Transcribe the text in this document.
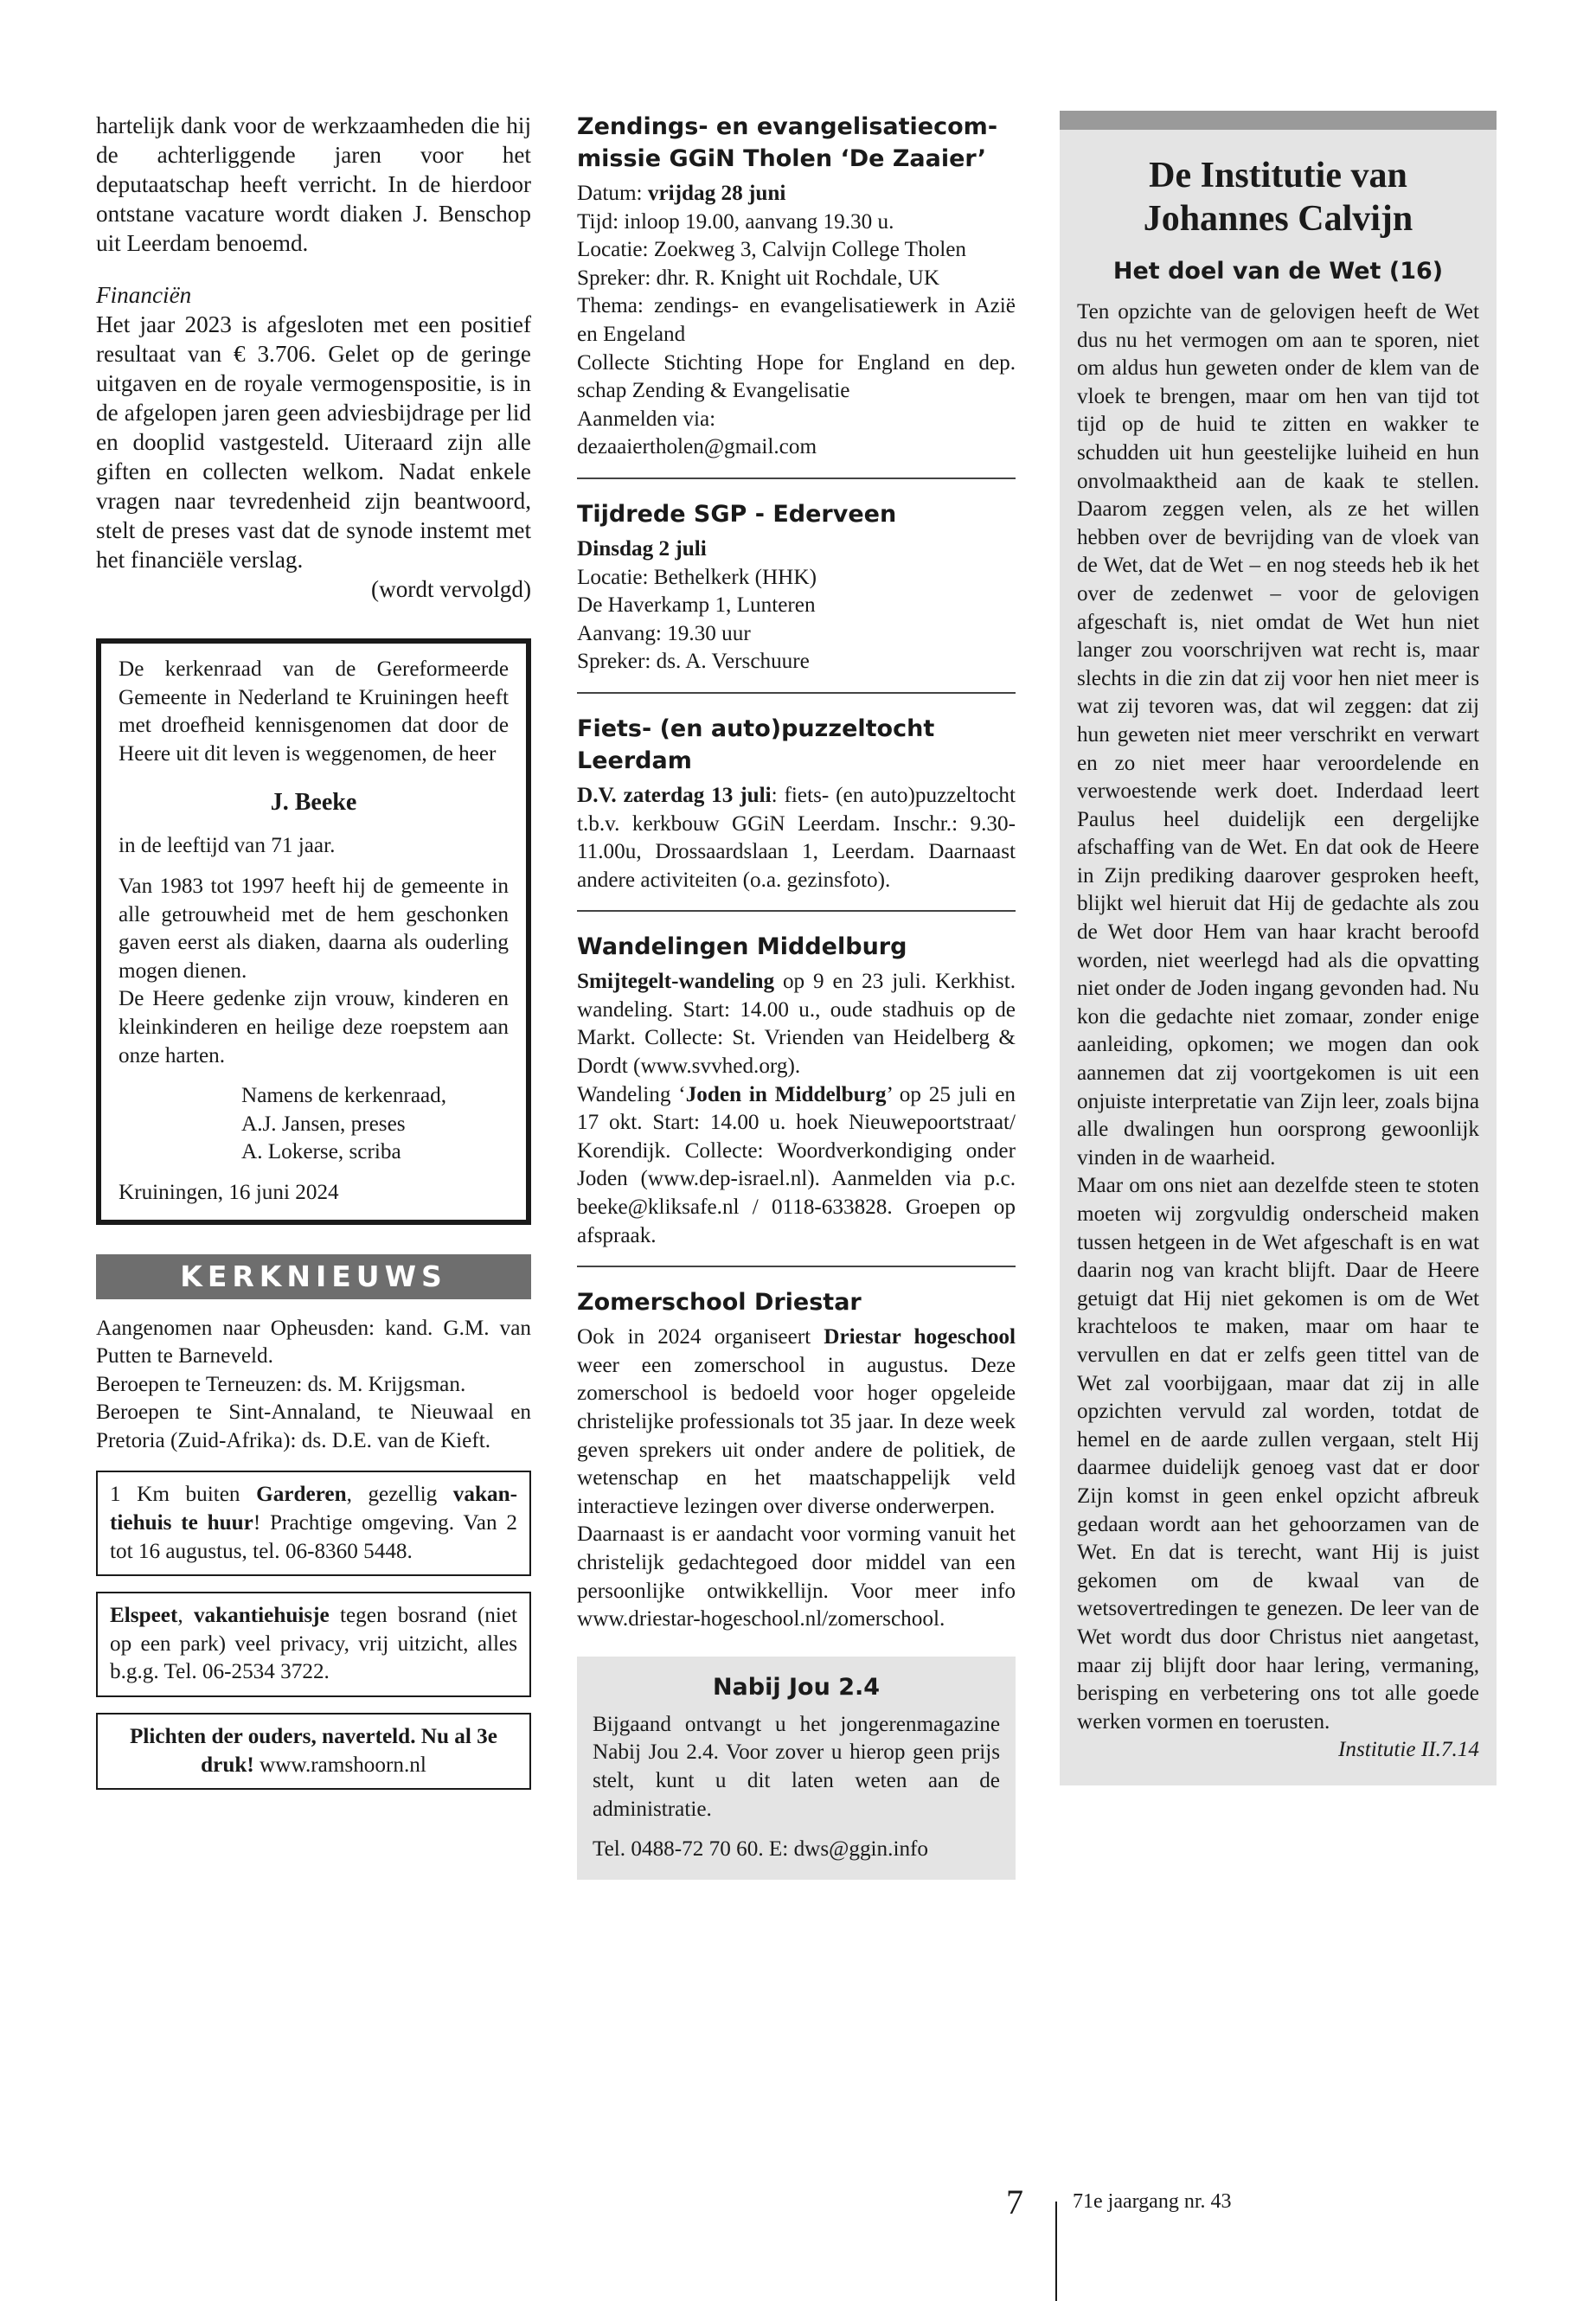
hartelijk dank voor de werkzaamheden die hij de achterliggende jaren voor het deputaatschap heeft verricht. In de hierdoor ontstane vacature wordt diaken J. Benschop uit Leerdam benoemd.

Financiën

Het jaar 2023 is afgesloten met een positief resultaat van € 3.706. Gelet op de geringe uitgaven en de royale vermogenspositie, is in de afgelopen jaren geen adviesbijdrage per lid en dooplid vastgesteld. Uiteraard zijn alle giften en collecten welkom. Nadat enkele vragen naar tevredenheid zijn beantwoord, stelt de preses vast dat de synode instemt met het financiële verslag.

(wordt vervolgd)

De kerkenraad van de Gereformeerde Gemeente in Nederland te Kruiningen heeft met droefheid kennisgenomen dat door de Heere uit dit leven is weggenomen, de heer

J. Beeke

in de leeftijd van 71 jaar.

Van 1983 tot 1997 heeft hij de gemeente in alle getrouwheid met de hem geschonken gaven eerst als diaken, daarna als ouderling mogen dienen.

De Heere gedenke zijn vrouw, kinderen en kleinkinderen en heilige deze roepstem aan onze harten.

Namens de kerkenraad,

A.J. Jansen, preses

A. Lokerse, scriba

Kruiningen, 16 juni 2024

KERKNIEUWS

Aangenomen naar Opheusden: kand. G.M. van Putten te Barneveld.

Beroepen te Terneuzen: ds. M. Krijgsman.

Beroepen te Sint-Annaland, te Nieuwaal en Pretoria (Zuid-Afrika): ds. D.E. van de Kieft.

1 Km buiten Garderen, gezellig vakantiehuis te huur! Prachtige omgeving. Van 2 tot 16 augustus, tel. 06-8360 5448.

Elspeet, vakantiehuisje tegen bosrand (niet op een park) veel privacy, vrij uitzicht, alles b.g.g. Tel. 06-2534 3722.

Plichten der ouders, naverteld. Nu al 3e druk! www.ramshoorn.nl

Zendings- en evangelisatiecommissie GGiN Tholen ‘De Zaaier’

Datum: vrijdag 28 juni

Tijd: inloop 19.00, aanvang 19.30 u.

Locatie: Zoekweg 3, Calvijn College Tholen

Spreker: dhr. R. Knight uit Rochdale, UK

Thema: zendings- en evangelisatiewerk in Azië en Engeland

Collecte Stichting Hope for England en dep. schap Zending & Evangelisatie

Aanmelden via:

dezaaiertholen@gmail.com

Tijdrede SGP - Ederveen

Dinsdag 2 juli

Locatie: Bethelkerk (HHK)

De Haverkamp 1, Lunteren

Aanvang: 19.30 uur

Spreker: ds. A. Verschuure

Fiets- (en auto)puzzeltocht Leerdam

D.V. zaterdag 13 juli: fiets- (en auto)puzzeltocht t.b.v. kerkbouw GGiN Leerdam. Inschr.: 9.30-11.00u, Drossaardslaan 1, Leerdam. Daarnaast andere activiteiten (o.a. gezinsfoto).

Wandelingen Middelburg

Smijtegelt-wandeling op 9 en 23 juli. Kerkhist. wandeling. Start: 14.00 u., oude stadhuis op de Markt. Collecte: St. Vrienden van Heidelberg & Dordt (www.svvhed.org).

Wandeling ‘Joden in Middelburg’ op 25 juli en 17 okt. Start: 14.00 u. hoek Nieuwepoortstraat/ Korendijk. Collecte: Woordverkondiging onder Joden (www.dep-israel.nl). Aanmelden via p.c. beeke@kliksafe.nl / 0118-633828. Groepen op afspraak.

Zomerschool Driestar

Ook in 2024 organiseert Driestar hogeschool weer een zomerschool in augustus. Deze zomerschool is bedoeld voor hoger opgeleide christelijke professionals tot 35 jaar. In deze week geven sprekers uit onder andere de politiek, de wetenschap en het maatschappelijk veld interactieve lezingen over diverse onderwerpen.

Daarnaast is er aandacht voor vorming vanuit het christelijk gedachtegoed door middel van een persoonlijke ontwikkellijn. Voor meer info www.driestar-hogeschool.nl/zomerschool.

Nabij Jou 2.4

Bijgaand ontvangt u het jongerenmagazine Nabij Jou 2.4. Voor zover u hierop geen prijs stelt, kunt u dit laten weten aan de administratie.

Tel. 0488-72 70 60. E: dws@ggin.info

De Institutie van Johannes Calvijn

Het doel van de Wet (16)

Ten opzichte van de gelovigen heeft de Wet dus nu het vermogen om aan te sporen, niet om aldus hun geweten onder de klem van de vloek te brengen, maar om hen van tijd tot tijd op de huid te zitten en wakker te schudden uit hun geestelijke luiheid en hun onvolmaaktheid aan de kaak te stellen. Daarom zeggen velen, als ze het willen hebben over de bevrijding van de vloek van de Wet, dat de Wet – en nog steeds heb ik het over de zedenwet – voor de gelovigen afgeschaft is, niet omdat de Wet hun niet langer zou voorschrijven wat recht is, maar slechts in die zin dat zij voor hen niet meer is wat zij tevoren was, dat wil zeggen: dat zij hun geweten niet meer verschrikt en verwart en zo niet meer haar veroordelende en verwoestende werk doet. Inderdaad leert Paulus heel duidelijk een dergelijke afschaffing van de Wet. En dat ook de Heere in Zijn prediking daarover gesproken heeft, blijkt wel hieruit dat Hij de gedachte als zou de Wet door Hem van haar kracht beroofd worden, niet weerlegd had als die opvatting niet onder de Joden ingang gevonden had. Nu kon die gedachte niet zomaar, zonder enige aanleiding, opkomen; we mogen dan ook aannemen dat zij voortgekomen is uit een onjuiste interpretatie van Zijn leer, zoals bijna alle dwalingen hun oorsprong gewoonlijk vinden in de waarheid.

Maar om ons niet aan dezelfde steen te stoten moeten wij zorgvuldig onderscheid maken tussen hetgeen in de Wet afgeschaft is en wat daarin nog van kracht blijft. Daar de Heere getuigt dat Hij niet gekomen is om de Wet krachteloos te maken, maar om haar te vervullen en dat er zelfs geen tittel van de Wet zal voorbijgaan, maar dat zij in alle opzichten vervuld zal worden, totdat de hemel en de aarde zullen vergaan, stelt Hij daarmee duidelijk genoeg vast dat er door Zijn komst in geen enkel opzicht afbreuk gedaan wordt aan het gehoorzamen van de Wet. En dat is terecht, want Hij is juist gekomen om de kwaal van de wetsovertredingen te genezen. De leer van de Wet wordt dus door Christus niet aangetast, maar zij blijft door haar lering, vermaning, berisping en verbetering ons tot alle goede werken vormen en toerusten.

Institutie II.7.14

7 71e jaargang nr. 43
